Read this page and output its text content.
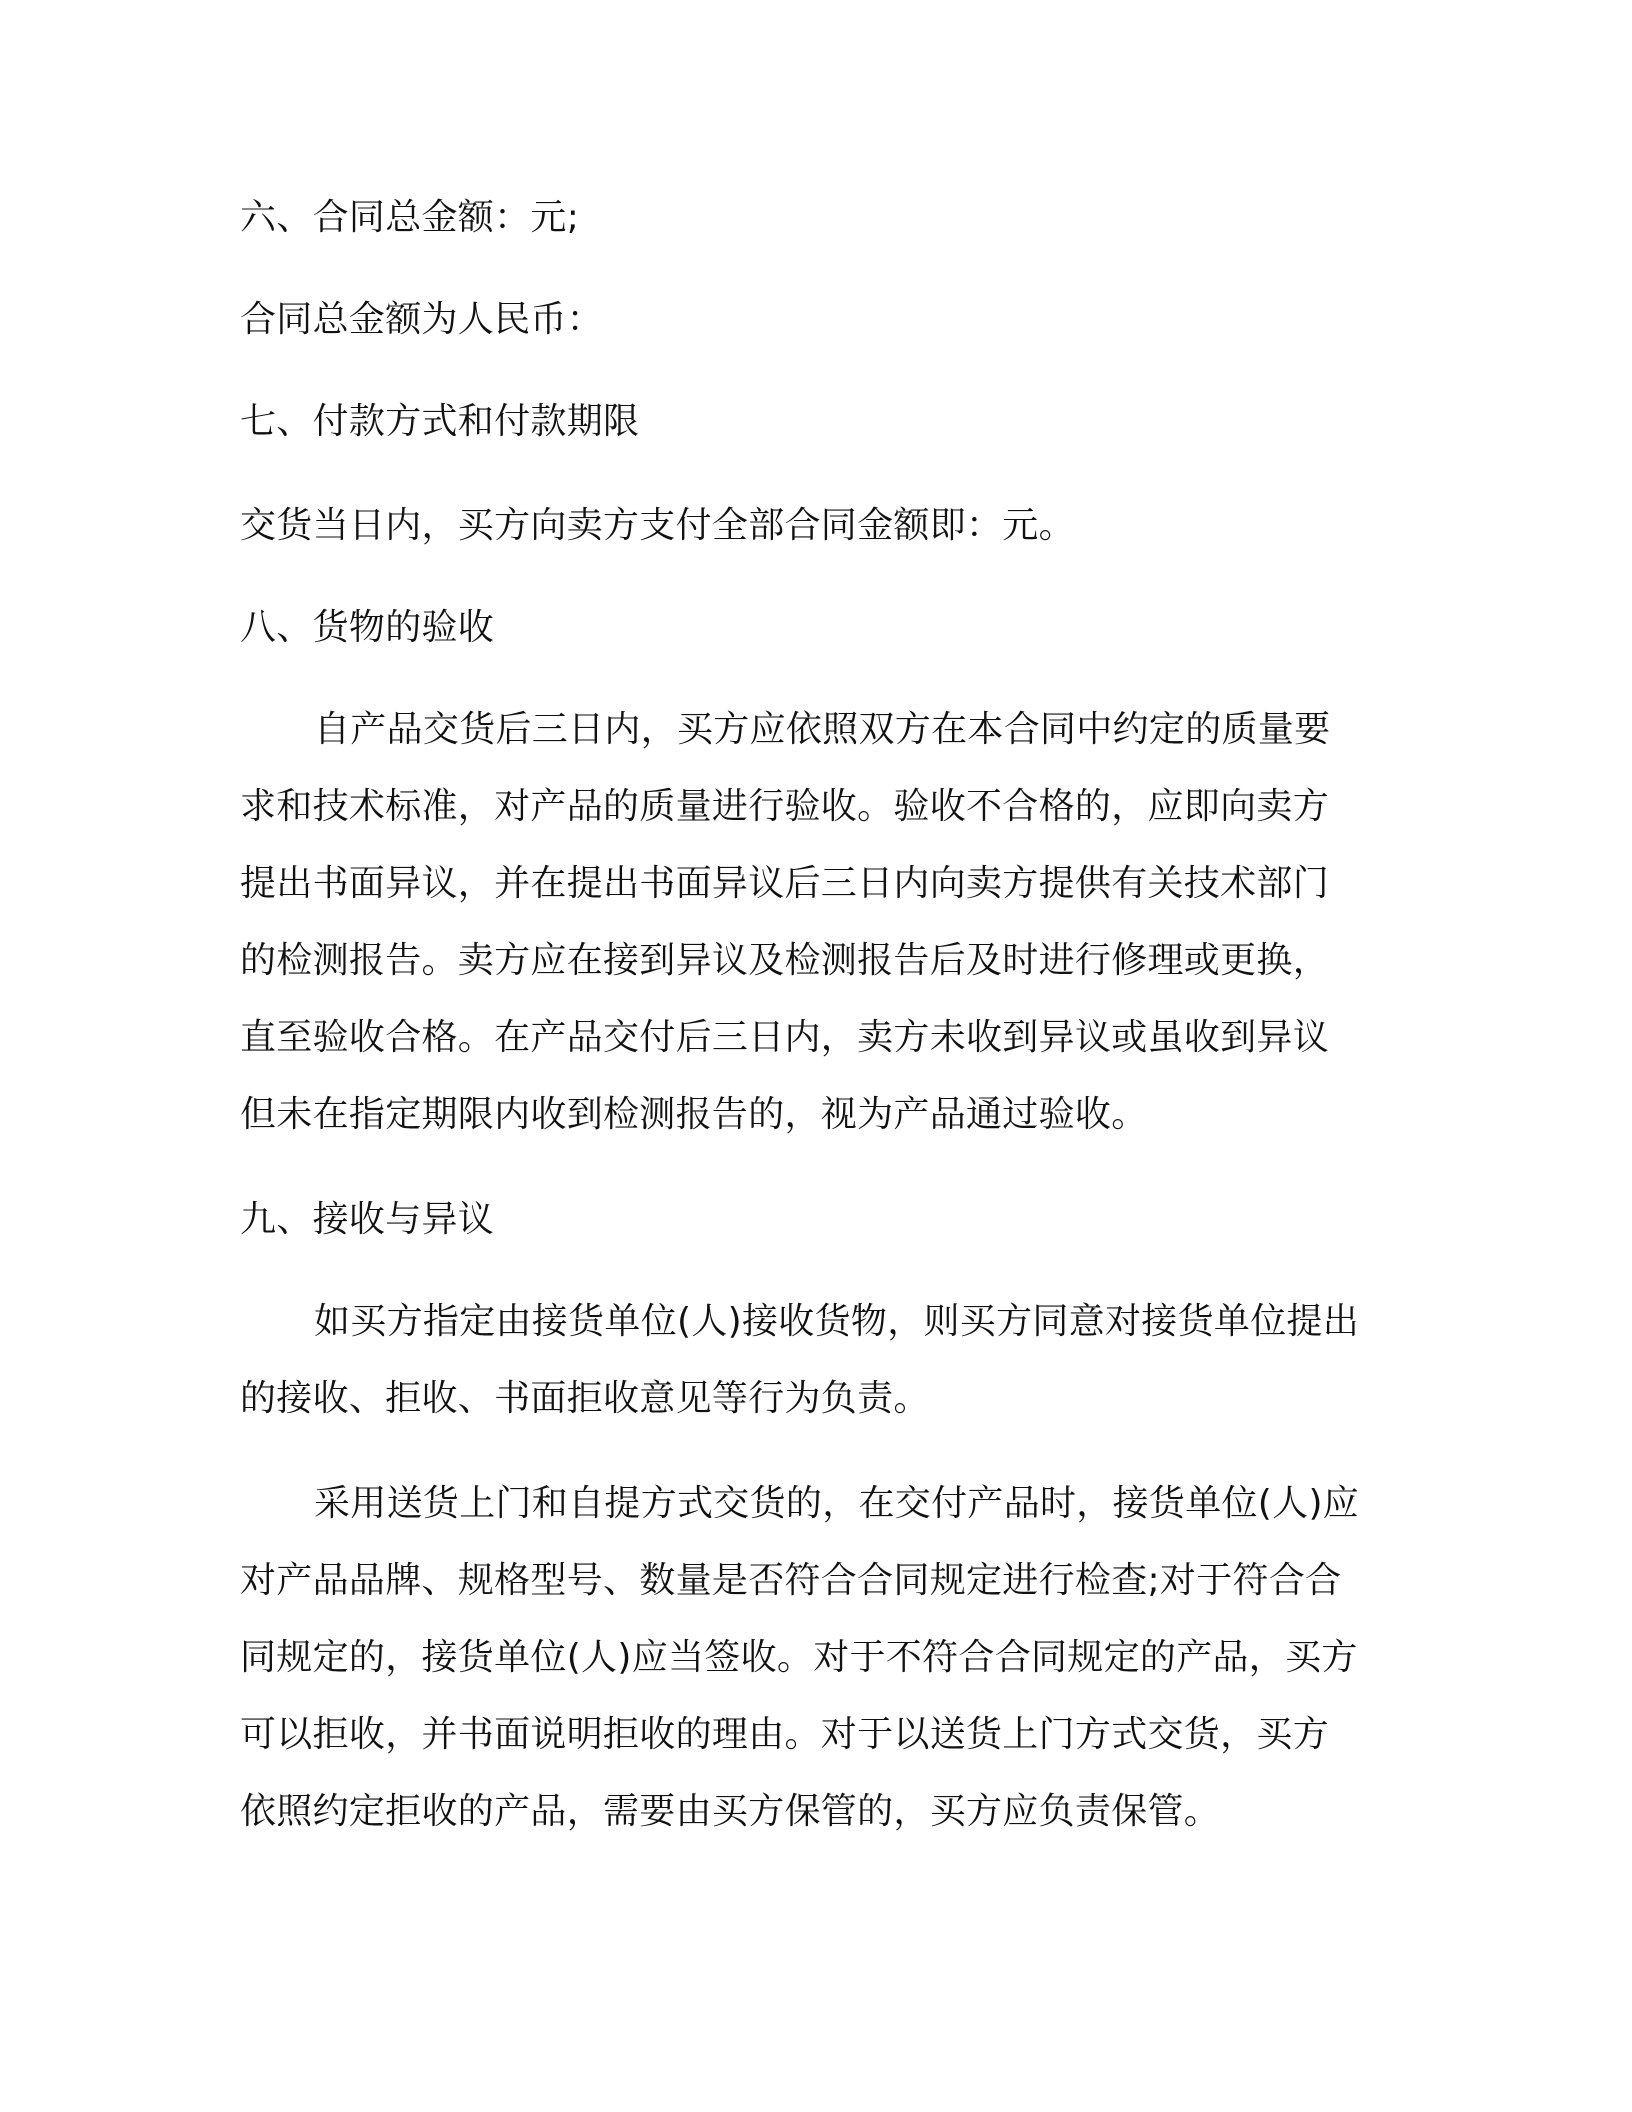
六、合同总金额：元;

合同总金额为人民币：

七、付款方式和付款期限

交货当日内，买方向卖方支付全部合同金额即：元。

八、货物的验收

自产品交货后三日内，买方应依照双方在本合同中约定的质量要
求和技术标准，对产品的质量进行验收。验收不合格的，应即向卖方
提出书面异议，并在提出书面异议后三日内向卖方提供有关技术部门
的检测报告。卖方应在接到异议及检测报告后及时进行修理或更换，
直至验收合格。在产品交付后三日内，卖方未收到异议或虽收到异议
但未在指定期限内收到检测报告的，视为产品通过验收。

九、接收与异议

如买方指定由接货单位(人)接收货物，则买方同意对接货单位提出
的接收、拒收、书面拒收意见等行为负责。
采用送货上门和自提方式交货的，在交付产品时，接货单位(人)应
对产品品牌、规格型号、数量是否符合合同规定进行检查;对于符合合
同规定的，接货单位(人)应当签收。对于不符合合同规定的产品，买方
可以拒收，并书面说明拒收的理由。对于以送货上门方式交货，买方
依照约定拒收的产品，需要由买方保管的，买方应负责保管。
